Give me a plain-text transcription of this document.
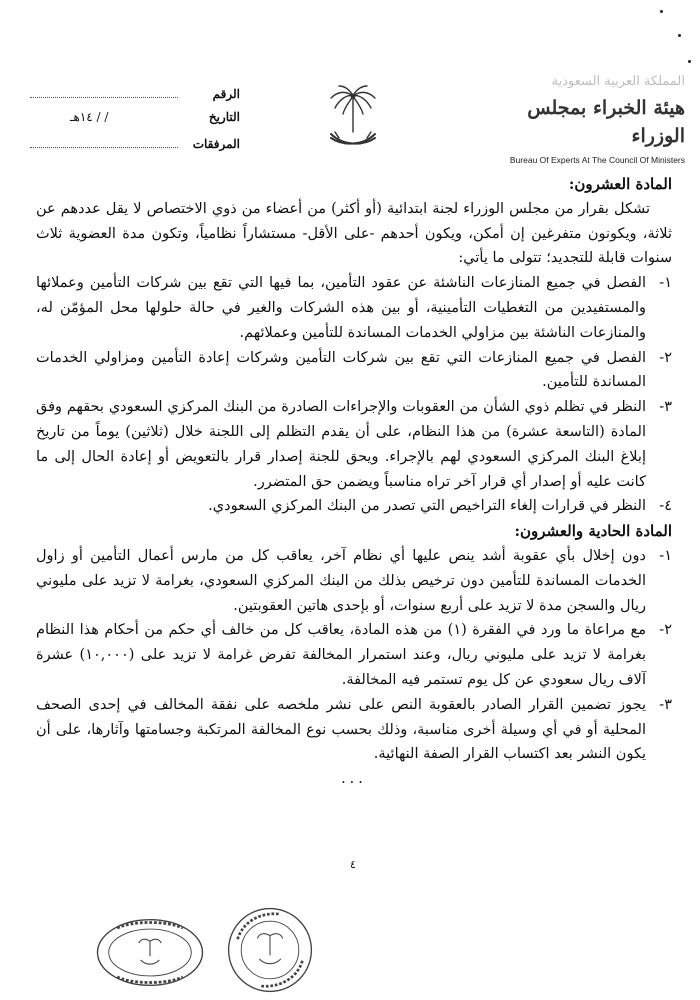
المملكة العربية السعودية
هيئة الخبراء بمجلس الوزراء
Bureau Of Experts At The Council Of Ministers
الرقم
التاريخ
/ / ١٤هـ
المرفقات

المادة العشرون:

تشكل بقرار من مجلس الوزراء لجنة ابتدائية (أو أكثر) من أعضاء من ذوي الاختصاص لا يقل عددهم عن ثلاثة، ويكونون متفرغين إن أمكن، ويكون أحدهم -على الأقل- مستشاراً نظامياً، وتكون مدة العضوية ثلاث سنوات قابلة للتجديد؛ تتولى ما يأتي:

١-
الفصل في جميع المنازعات الناشئة عن عقود التأمين، بما فيها التي تقع بين شركات التأمين وعملائها والمستفيدين من التغطيات التأمينية، أو بين هذه الشركات والغير في حالة حلولها محل المؤمّن له، والمنازعات الناشئة بين مزاولي الخدمات المساندة للتأمين وعملائهم.
٢-
الفصل في جميع المنازعات التي تقع بين شركات التأمين وشركات إعادة التأمين ومزاولي الخدمات المساندة للتأمين.
٣-
النظر في تظلم ذوي الشأن من العقوبات والإجراءات الصادرة من البنك المركزي السعودي بحقهم وفق المادة (التاسعة عشرة) من هذا النظام، على أن يقدم التظلم إلى اللجنة خلال (ثلاثين) يوماً من تاريخ إبلاغ البنك المركزي السعودي لهم بالإجراء. ويحق للجنة إصدار قرار بالتعويض أو إعادة الحال إلى ما كانت عليه أو إصدار أي قرار آخر تراه مناسباً ويضمن حق المتضرر.
٤-
النظر في قرارات إلغاء التراخيص التي تصدر من البنك المركزي السعودي.

المادة الحادية والعشرون:

١-
دون إخلال بأي عقوبة أشد ينص عليها أي نظام آخر، يعاقب كل من مارس أعمال التأمين أو زاول الخدمات المساندة للتأمين دون ترخيص بذلك من البنك المركزي السعودي، بغرامة لا تزيد على مليوني ريال والسجن مدة لا تزيد على أربع سنوات، أو بإحدى هاتين العقوبتين.
٢-
مع مراعاة ما ورد في الفقرة (١) من هذه المادة، يعاقب كل من خالف أي حكم من أحكام هذا النظام بغرامة لا تزيد على مليوني ريال، وعند استمرار المخالفة تفرض غرامة لا تزيد على (١٠,٠٠٠) عشرة آلاف ريال سعودي عن كل يوم تستمر فيه المخالفة.
٣-
يجوز تضمين القرار الصادر بالعقوبة النص على نشر ملخصه على نفقة المخالف في إحدى الصحف المحلية أو في أي وسيلة أخرى مناسبة، وذلك بحسب نوع المخالفة المرتكبة وجسامتها وآثارها، على أن يكون النشر بعد اكتساب القرار الصفة النهائية.

...

٤
